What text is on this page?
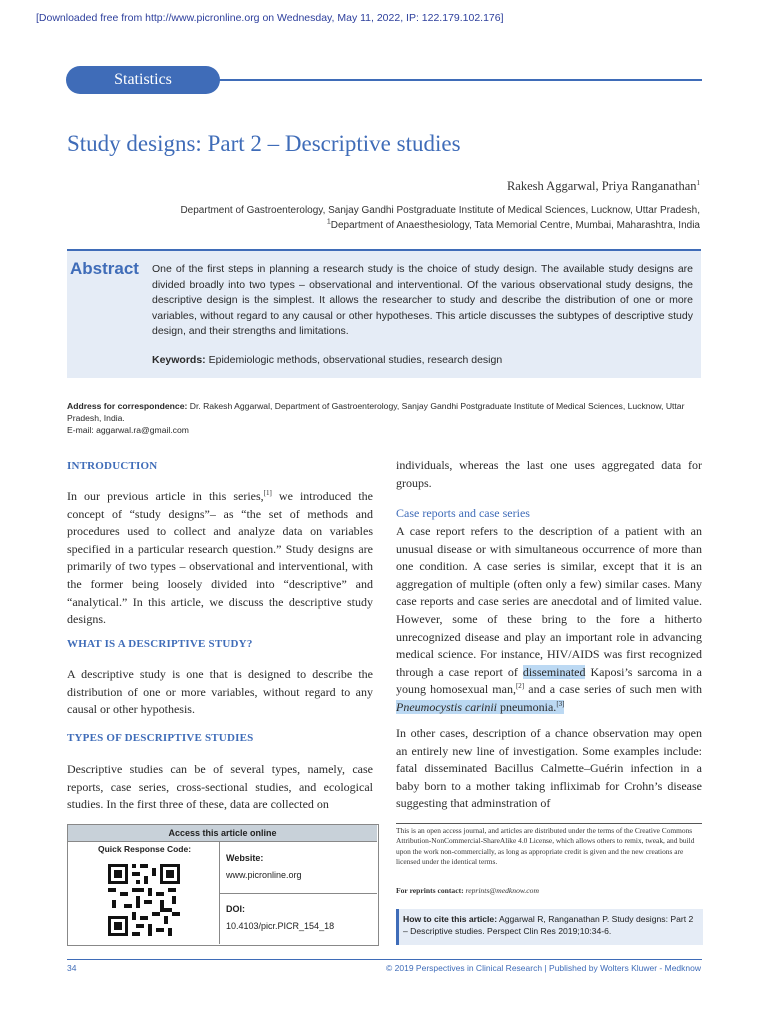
[Downloaded free from http://www.picronline.org on Wednesday, May 11, 2022, IP: 122.179.102.176]
Statistics
Study designs: Part 2 – Descriptive studies
Rakesh Aggarwal, Priya Ranganathan$^1$
Department of Gastroenterology, Sanjay Gandhi Postgraduate Institute of Medical Sciences, Lucknow, Uttar Pradesh,
$^1$Department of Anaesthesiology, Tata Memorial Centre, Mumbai, Maharashtra, India
Abstract One of the first steps in planning a research study is the choice of study design. The available study designs are divided broadly into two types – observational and interventional. Of the various observational study designs, the descriptive design is the simplest. It allows the researcher to study and describe the distribution of one or more variables, without regard to any causal or other hypotheses. This article discusses the subtypes of descriptive study design, and their strengths and limitations.
Keywords: Epidemiologic methods, observational studies, research design
Address for correspondence: Dr. Rakesh Aggarwal, Department of Gastroenterology, Sanjay Gandhi Postgraduate Institute of Medical Sciences, Lucknow, Uttar Pradesh, India.
E-mail: aggarwal.ra@gmail.com
INTRODUCTION
In our previous article in this series,[1] we introduced the concept of “study designs”– as “the set of methods and procedures used to collect and analyze data on variables specified in a particular research question.” Study designs are primarily of two types – observational and interventional, with the former being loosely divided into “descriptive” and “analytical.” In this article, we discuss the descriptive study designs.
WHAT IS A DESCRIPTIVE STUDY?
A descriptive study is one that is designed to describe the distribution of one or more variables, without regard to any causal or other hypothesis.
TYPES OF DESCRIPTIVE STUDIES
Descriptive studies can be of several types, namely, case reports, case series, cross-sectional studies, and ecological studies. In the first three of these, data are collected on
individuals, whereas the last one uses aggregated data for groups.
Case reports and case series
A case report refers to the description of a patient with an unusual disease or with simultaneous occurrence of more than one condition. A case series is similar, except that it is an aggregation of multiple (often only a few) similar cases. Many case reports and case series are anecdotal and of limited value. However, some of these bring to the fore a hitherto unrecognized disease and play an important role in advancing medical science. For instance, HIV/AIDS was first recognized through a case report of disseminated Kaposi’s sarcoma in a young homosexual man,[2] and a case series of such men with Pneumocystis carinii pneumonia.[3]
In other cases, description of a chance observation may open an entirely new line of investigation. Some examples include: fatal disseminated Bacillus Calmette–Guérin infection in a baby born to a mother taking infliximab for Crohn’s disease suggesting that adminstration of
Access this article online
Quick Response Code:
Website:
www.picronline.org
DOI:
10.4103/picr.PICR_154_18
This is an open access journal, and articles are distributed under the terms of the Creative Commons Attribution-NonCommercial-ShareAlike 4.0 License, which allows others to remix, tweak, and build upon the work non-commercially, as long as appropriate credit is given and the new creations are licensed under the identical terms.
For reprints contact: reprints@medknow.com
How to cite this article: Aggarwal R, Ranganathan P. Study designs: Part 2 – Descriptive studies. Perspect Clin Res 2019;10:34-6.
34	© 2019 Perspectives in Clinical Research | Published by Wolters Kluwer - Medknow
